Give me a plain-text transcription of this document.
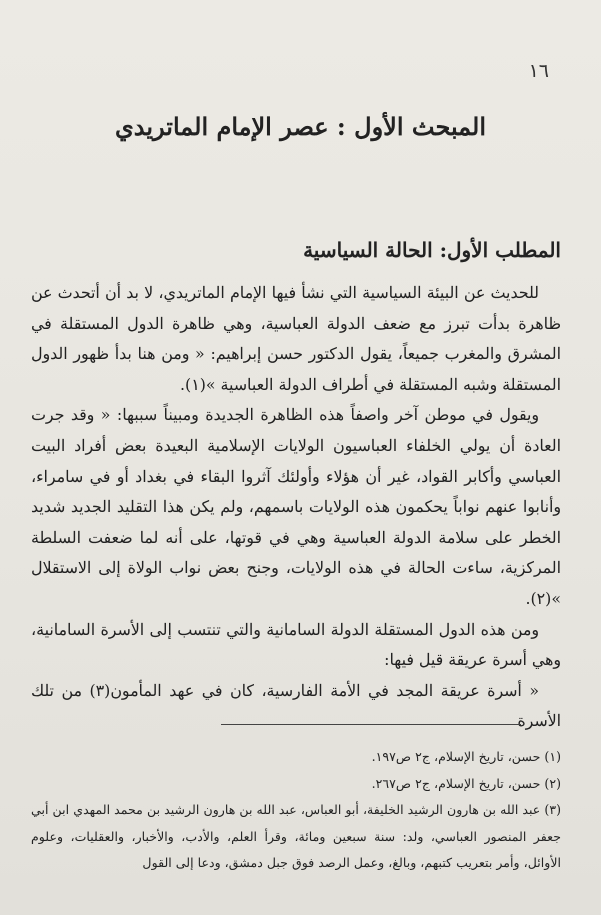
١٦
المبحث الأول : عصر الإمام الماتريدي
المطلب الأول: الحالة السياسية

للحديث عن البيئة السياسية التي نشأ فيها الإمام الماتريدي، لا بد أن أتحدث عن ظاهرة بدأت تبرز مع ضعف الدولة العباسية، وهي ظاهرة الدول المستقلة في المشرق والمغرب جميعاً، يقول الدكتور حسن إبراهيم: « ومن هنا بدأ ظهور الدول المستقلة وشبه المستقلة في أطراف الدولة العباسية »(١).

ويقول في موطن آخر واصفاً هذه الظاهرة الجديدة ومبيناً سببها: « وقد جرت العادة أن يولي الخلفاء العباسيون الولايات الإسلامية البعيدة بعض أفراد البيت العباسي وأكابر القواد، غير أن هؤلاء وأولئك آثروا البقاء في بغداد أو في سامراء، وأنابوا عنهم نواباً يحكمون هذه الولايات باسمهم، ولم يكن هذا التقليد الجديد شديد الخطر على سلامة الدولة العباسية وهي في قوتها، على أنه لما ضعفت السلطة المركزية، ساءت الحالة في هذه الولايات، وجنح بعض نواب الولاة إلى الاستقلال »(٢).

ومن هذه الدول المستقلة الدولة السامانية والتي تنتسب إلى الأسرة السامانية، وهي أسرة عريقة قيل فيها:

« أسرة عريقة المجد في الأمة الفارسية، كان في عهد المأمون(٣) من تلك الأسرة

(١) حسن، تاريخ الإسلام، ج٢ ص١٩٧.

(٢) حسن، تاريخ الإسلام، ج٢ ص٢٦٧.

(٣) عبد الله بن هارون الرشيد الخليفة، أبو العباس، عبد الله بن هارون الرشيد بن محمد المهدي ابن أبي جعفر المنصور العباسي، ولد: سنة سبعين ومائة، وقرأ العلم، والأدب، والأخبار، والعقليات، وعلوم الأوائل، وأمر بتعريب كتبهم، وبالغ، وعمل الرصد فوق جبل دمشق، ودعا إلى القول
